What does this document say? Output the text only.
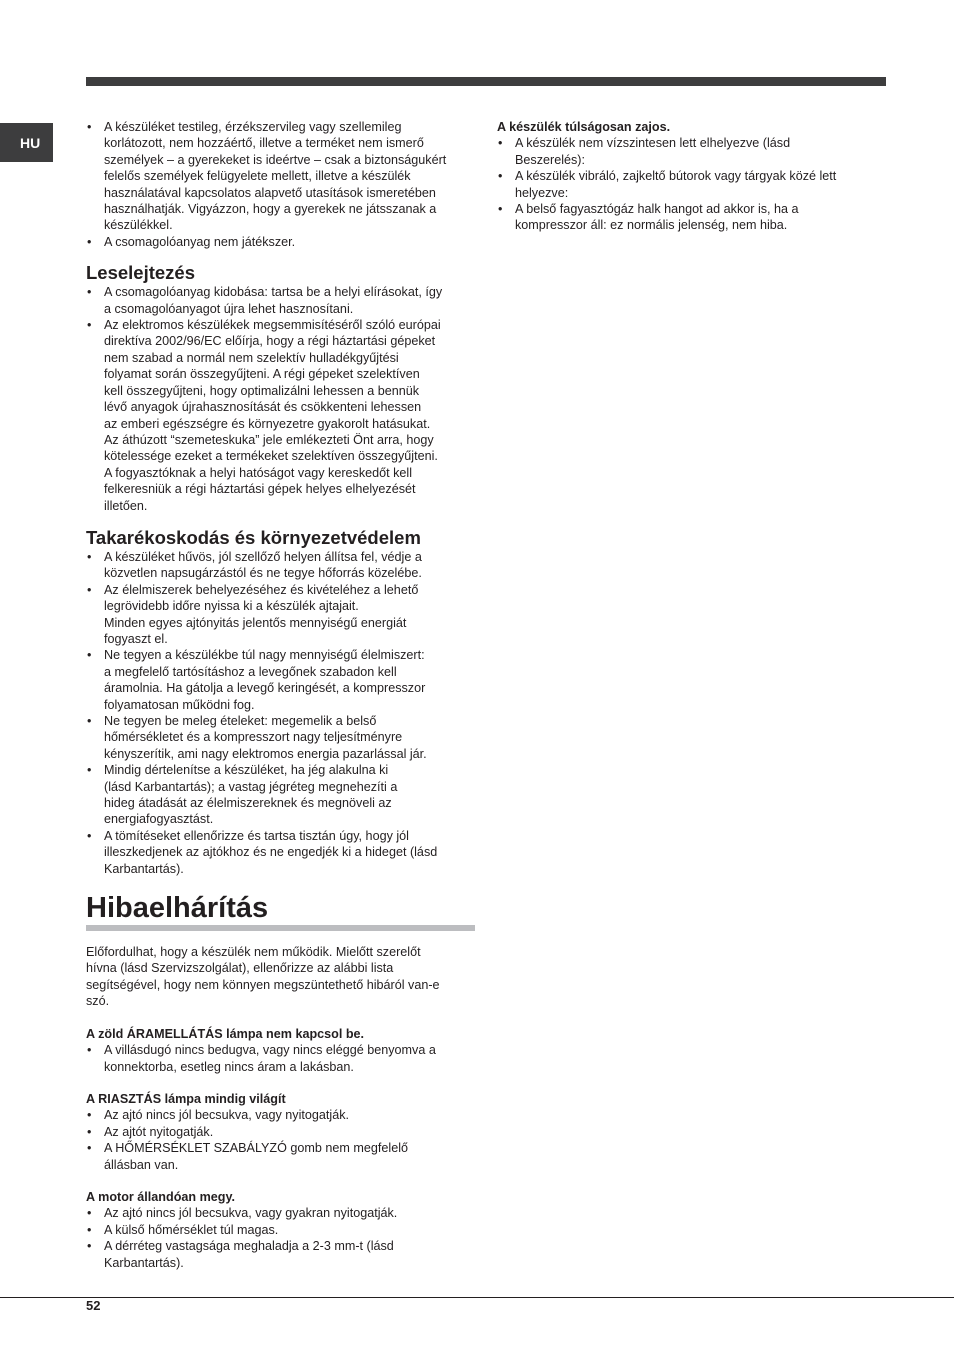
HU
• A készüléket testileg, érzékszervileg vagy szellemileg
korlátozott, nem hozzáértő, illetve a terméket nem ismerő
személyek – a gyerekeket is ideértve – csak a biztonságukért
felelős személyek felügyelete mellett, illetve a készülék
használatával kapcsolatos alapvető utasítások ismeretében
használhatják. Vigyázzon, hogy a gyerekek ne játsszanak a
készülékkel.
• A csomagolóanyag nem játékszer.
Leselejtezés
• A csomagolóanyag kidobása: tartsa be a helyi elírásokat, így
a csomagolóanyagot újra lehet hasznosítani.
• Az elektromos készülékek megsemmisítéséről szóló európai
direktíva 2002/96/EC előírja, hogy a régi háztartási gépeket
nem szabad a normál nem szelektív hulladékgyűjtési
folyamat során összegyűjteni. A régi gépeket szelektíven
kell összegyűjteni, hogy optimalizálni lehessen a bennük
lévő anyagok újrahasznosítását és csökkenteni lehessen
az emberi egészségre és környezetre gyakorolt hatásukat.
Az áthúzott “szemeteskuka” jele emlékezteti Önt arra, hogy
kötelessége ezeket a termékeket szelektíven összegyűjteni.
A fogyasztóknak a helyi hatóságot vagy kereskedőt kell
felkeresniük a régi háztartási gépek helyes elhelyezését
illetően.
Takarékoskodás és környezetvédelem
• A készüléket hűvös, jól szellőző helyen állítsa fel, védje a
közvetlen napsugárzástól és ne tegye hőforrás közelébe.
• Az élelmiszerek behelyezéséhez és kivételéhez a lehető
legrövidebb időre nyissa ki a készülék ajtajait.
Minden egyes ajtónyitás jelentős mennyiségű energiát
fogyaszt el.
• Ne tegyen a készülékbe túl nagy mennyiségű élelmiszert:
a megfelelő tartósításhoz a levegőnek szabadon kell
áramolnia. Ha gátolja a levegő keringését, a kompresszor
folyamatosan működni fog.
• Ne tegyen be meleg ételeket: megemelik a belső
hőmérsékletet és a kompresszort nagy teljesítményre
kényszerítik, ami nagy elektromos energia pazarlással jár.
• Mindig dértelenítse a készüléket, ha jég alakulna ki
(lásd Karbantartás); a vastag jégréteg megnehezíti a
hideg átadását az élelmiszereknek és megnöveli az
energiafogyasztást.
• A tömítéseket ellenőrizze és tartsa tisztán úgy, hogy jól
illeszkedjenek az ajtókhoz és ne engedjék ki a hideget (lásd
Karbantartás).
Hibaelhárítás
Előfordulhat, hogy a készülék nem működik. Mielőtt szerelőt
hívna (lásd Szervizszolgálat), ellenőrizze az alábbi lista
segítségével, hogy nem könnyen megszüntethető hibáról van-e
szó.
A zöld ÁRAMELLÁTÁS lámpa nem kapcsol be.
• A villásdugó nincs bedugva, vagy nincs eléggé benyomva a
konnektorba, esetleg nincs áram a lakásban.
A RIASZTÁS lámpa mindig világít
• Az ajtó nincs jól becsukva, vagy nyitogatják.
• Az ajtót nyitogatják.
• A HŐMÉRSÉKLET SZABÁLYZÓ gomb nem megfelelő
állásban van.
A motor állandóan megy.
• Az ajtó nincs jól becsukva, vagy gyakran nyitogatják.
• A külső hőmérséklet túl magas.
• A dérréteg vastagsága meghaladja a 2-3 mm-t (lásd
Karbantartás).
A készülék túlságosan zajos.
• A készülék nem vízszintesen lett elhelyezve (lásd
Beszerelés):
• A készülék vibráló, zajkeltő bútorok vagy tárgyak közé lett
helyezve:
• A belső fagyasztógáz halk hangot ad akkor is, ha a
kompresszor áll: ez normális jelenség, nem hiba.
52
